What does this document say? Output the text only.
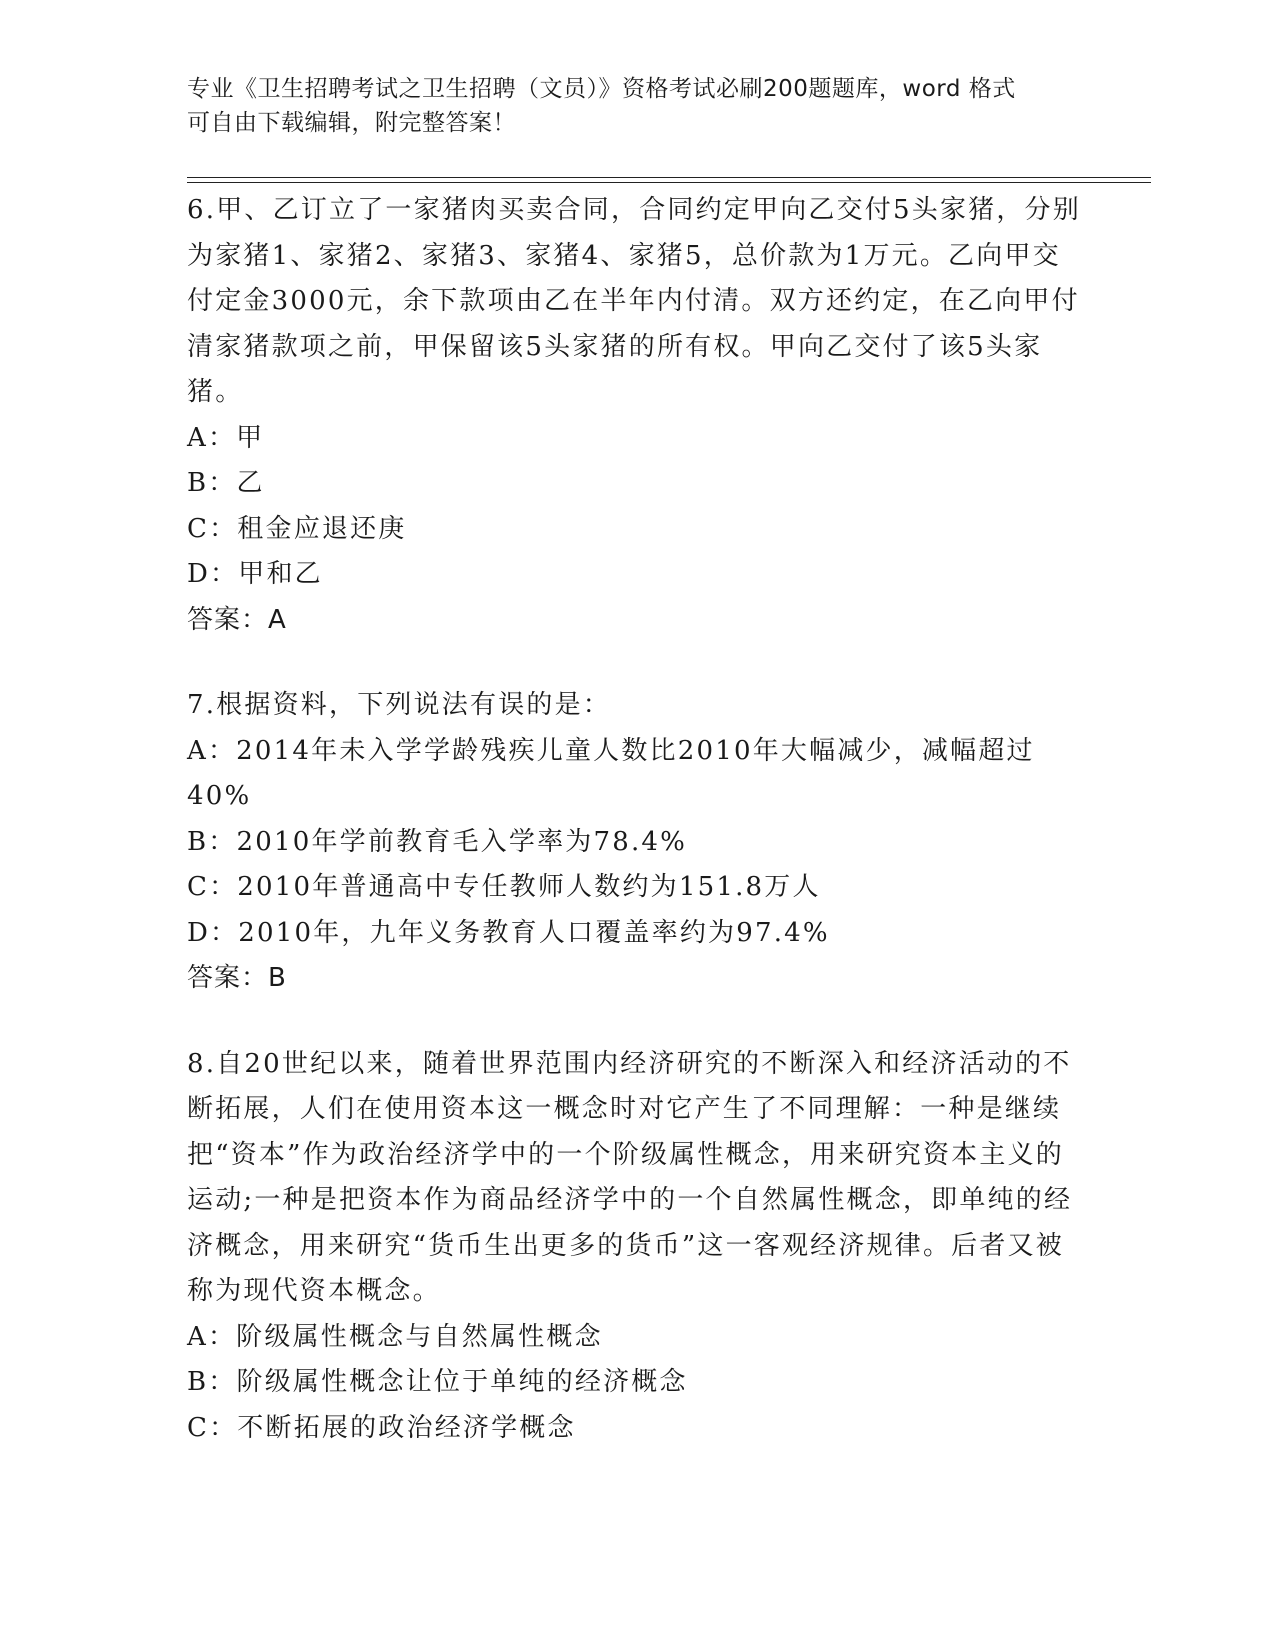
专业《卫生招聘考试之卫生招聘（文员）》资格考试必刷200题题库，word 格式
可自由下载编辑，附完整答案！

6.甲、乙订立了一家猪肉买卖合同，合同约定甲向乙交付5头家猪，分别为家猪1、家猪2、家猪3、家猪4、家猪5，总价款为1万元。乙向甲交付定金3000元，余下款项由乙在半年内付清。双方还约定，在乙向甲付清家猪款项之前，甲保留该5头家猪的所有权。甲向乙交付了该5头家猪。

A：甲

B：乙

C：租金应退还庚

D：甲和乙

答案：A

7.根据资料，下列说法有误的是：

A：2014年未入学学龄残疾儿童人数比2010年大幅减少，减幅超过40%

B：2010年学前教育毛入学率为78.4%

C：2010年普通高中专任教师人数约为151.8万人

D：2010年，九年义务教育人口覆盖率约为97.4%

答案：B

8.自20世纪以来，随着世界范围内经济研究的不断深入和经济活动的不断拓展，人们在使用资本这一概念时对它产生了不同理解：一种是继续把“资本”作为政治经济学中的一个阶级属性概念，用来研究资本主义的运动;一种是把资本作为商品经济学中的一个自然属性概念，即单纯的经济概念，用来研究“货币生出更多的货币”这一客观经济规律。后者又被称为现代资本概念。

A：阶级属性概念与自然属性概念

B：阶级属性概念让位于单纯的经济概念

C：不断拓展的政治经济学概念
